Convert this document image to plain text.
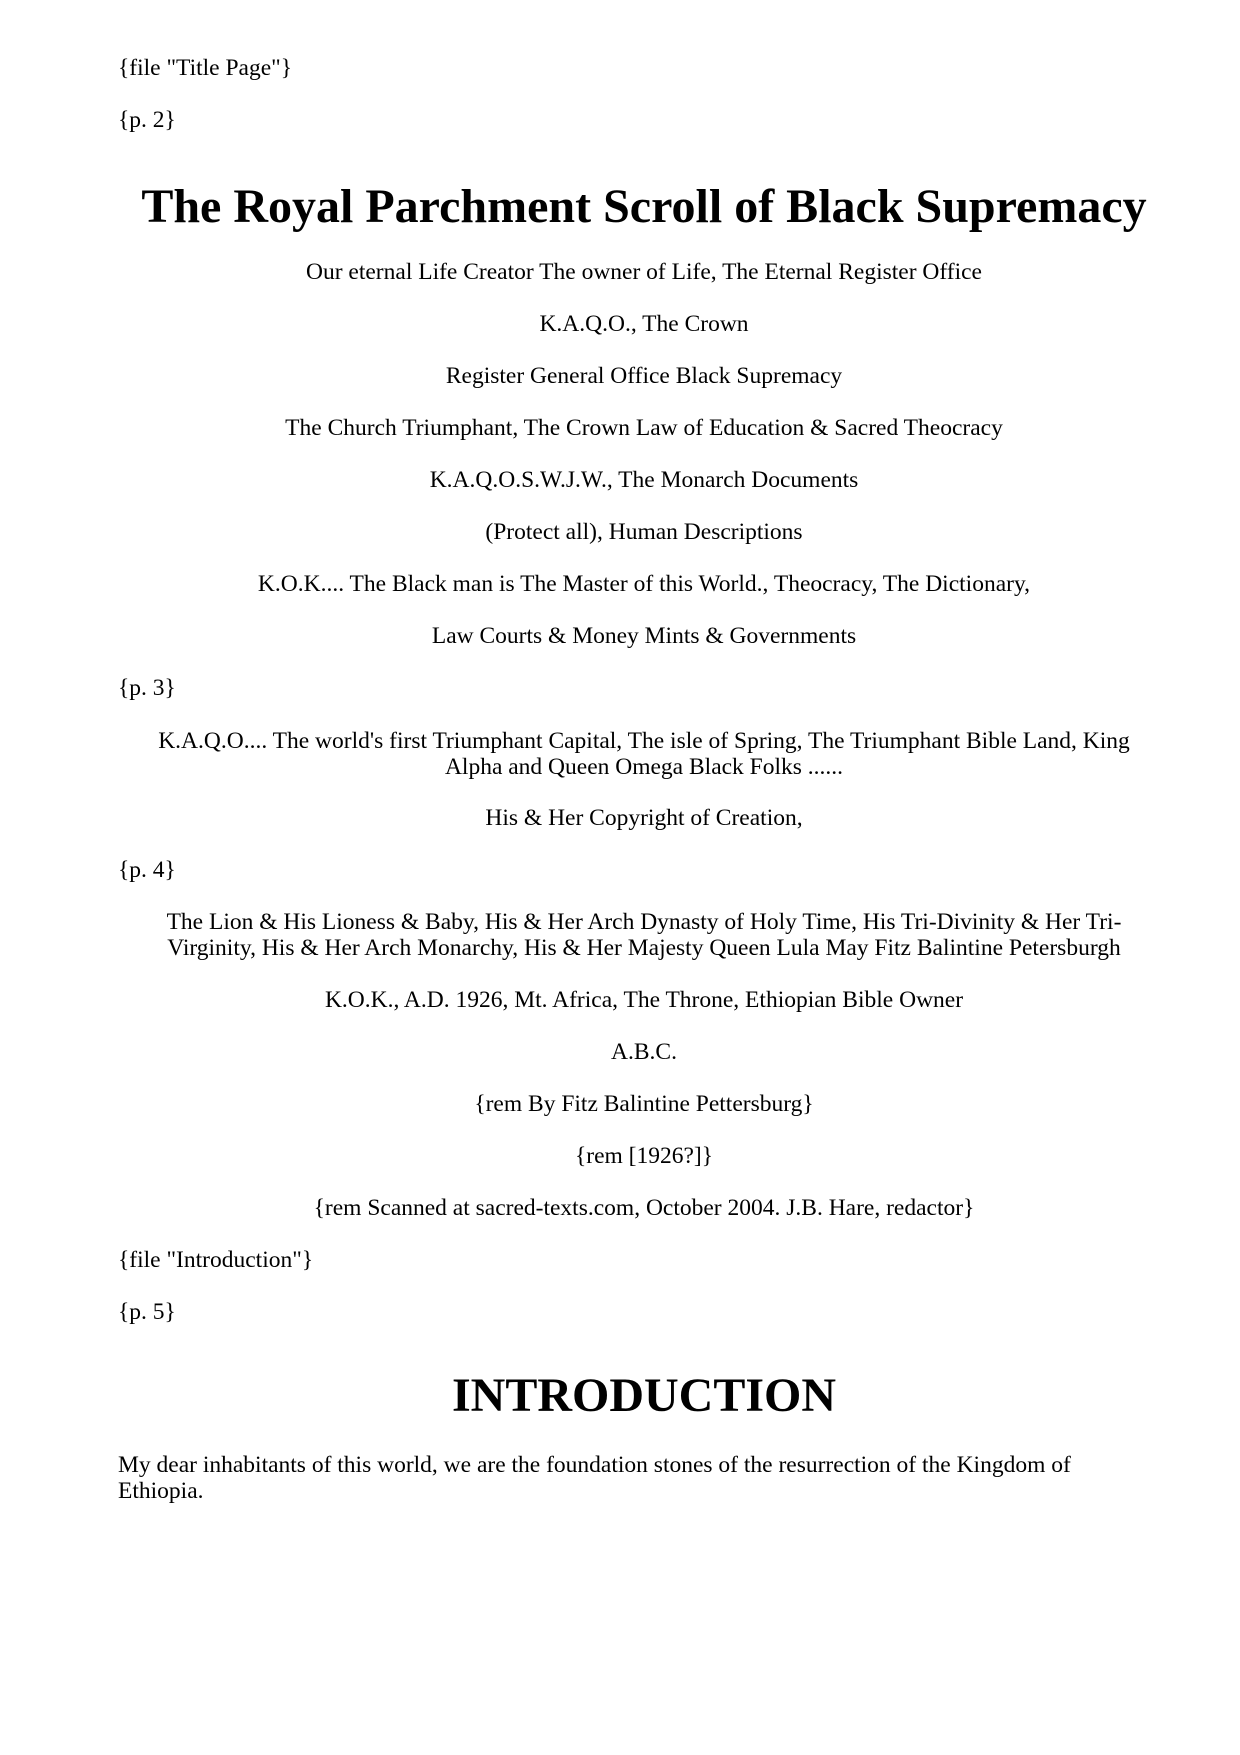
{file "Title Page"}
{p. 2}
The Royal Parchment Scroll of Black Supremacy
Our eternal Life Creator The owner of Life, The Eternal Register Office
K.A.Q.O., The Crown
Register General Office Black Supremacy
The Church Triumphant, The Crown Law of Education & Sacred Theocracy
K.A.Q.O.S.W.J.W., The Monarch Documents
(Protect all), Human Descriptions
K.O.K.... The Black man is The Master of this World., Theocracy, The Dictionary,
Law Courts & Money Mints & Governments
{p. 3}
K.A.Q.O.... The world's first Triumphant Capital, The isle of Spring, The Triumphant Bible Land, King
Alpha and Queen Omega Black Folks ......
His & Her Copyright of Creation,
{p. 4}
The Lion & His Lioness & Baby, His & Her Arch Dynasty of Holy Time, His Tri-Divinity & Her Tri-
Virginity, His & Her Arch Monarchy, His & Her Majesty Queen Lula May Fitz Balintine Petersburgh
K.O.K., A.D. 1926, Mt. Africa, The Throne, Ethiopian Bible Owner
A.B.C.
{rem By Fitz Balintine Pettersburg}
{rem [1926?]}
{rem Scanned at sacred-texts.com, October 2004. J.B. Hare, redactor}
{file "Introduction"}
{p. 5}
INTRODUCTION
My dear inhabitants of this world, we are the foundation stones of the resurrection of the Kingdom of
Ethiopia.
